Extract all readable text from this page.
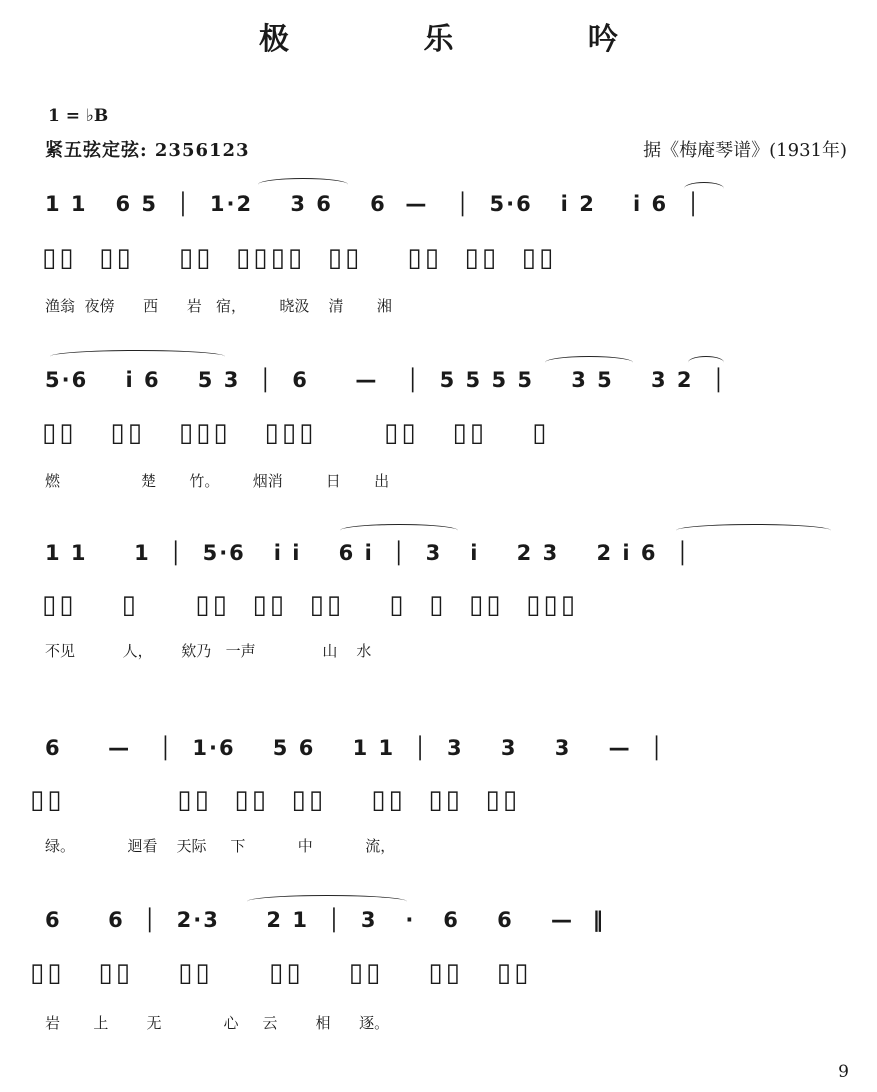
极 乐 吟
1 = ♭B
紧五弦定弦: 2356123	据《梅庵琴谱》(1931年)
1 1   6 5  │  1·2    3 6    6  —   │  5·6   i 2    i 6  │
▯▯  ▯▯    ▯▯  ▯▯▯▯  ▯▯    ▯▯  ▯▯  ▯▯
渔翁  夜傍      西      岩   宿，       晓汲    清       湘
5·6    i 6    5 3  │  6     —   │  5 5 5 5    3 5    3 2  │
▯▯   ▯▯   ▯▯▯   ▯▯▯      ▯▯   ▯▯    ▯
燃                 楚       竹。       烟消         日       出
1 1     1  │  5·6   i i    6 i  │  3   i    2 3    2 i 6  │
▯▯    ▯     ▯▯  ▯▯  ▯▯    ▯  ▯  ▯▯  ▯▯▯
不见          人，      欸乃   一声              山    水
6     —   │  1·6    5 6    1 1  │  3    3    3    —  │
▯▯          ▯▯  ▯▯  ▯▯    ▯▯  ▯▯  ▯▯
绿。           迴看    天际     下           中           流，
6     6  │  2·3     2 1  │  3   ·   6    6    —  ‖
▯▯   ▯▯    ▯▯     ▯▯    ▯▯    ▯▯   ▯▯
岩       上        无             心     云        相      逐。
9
